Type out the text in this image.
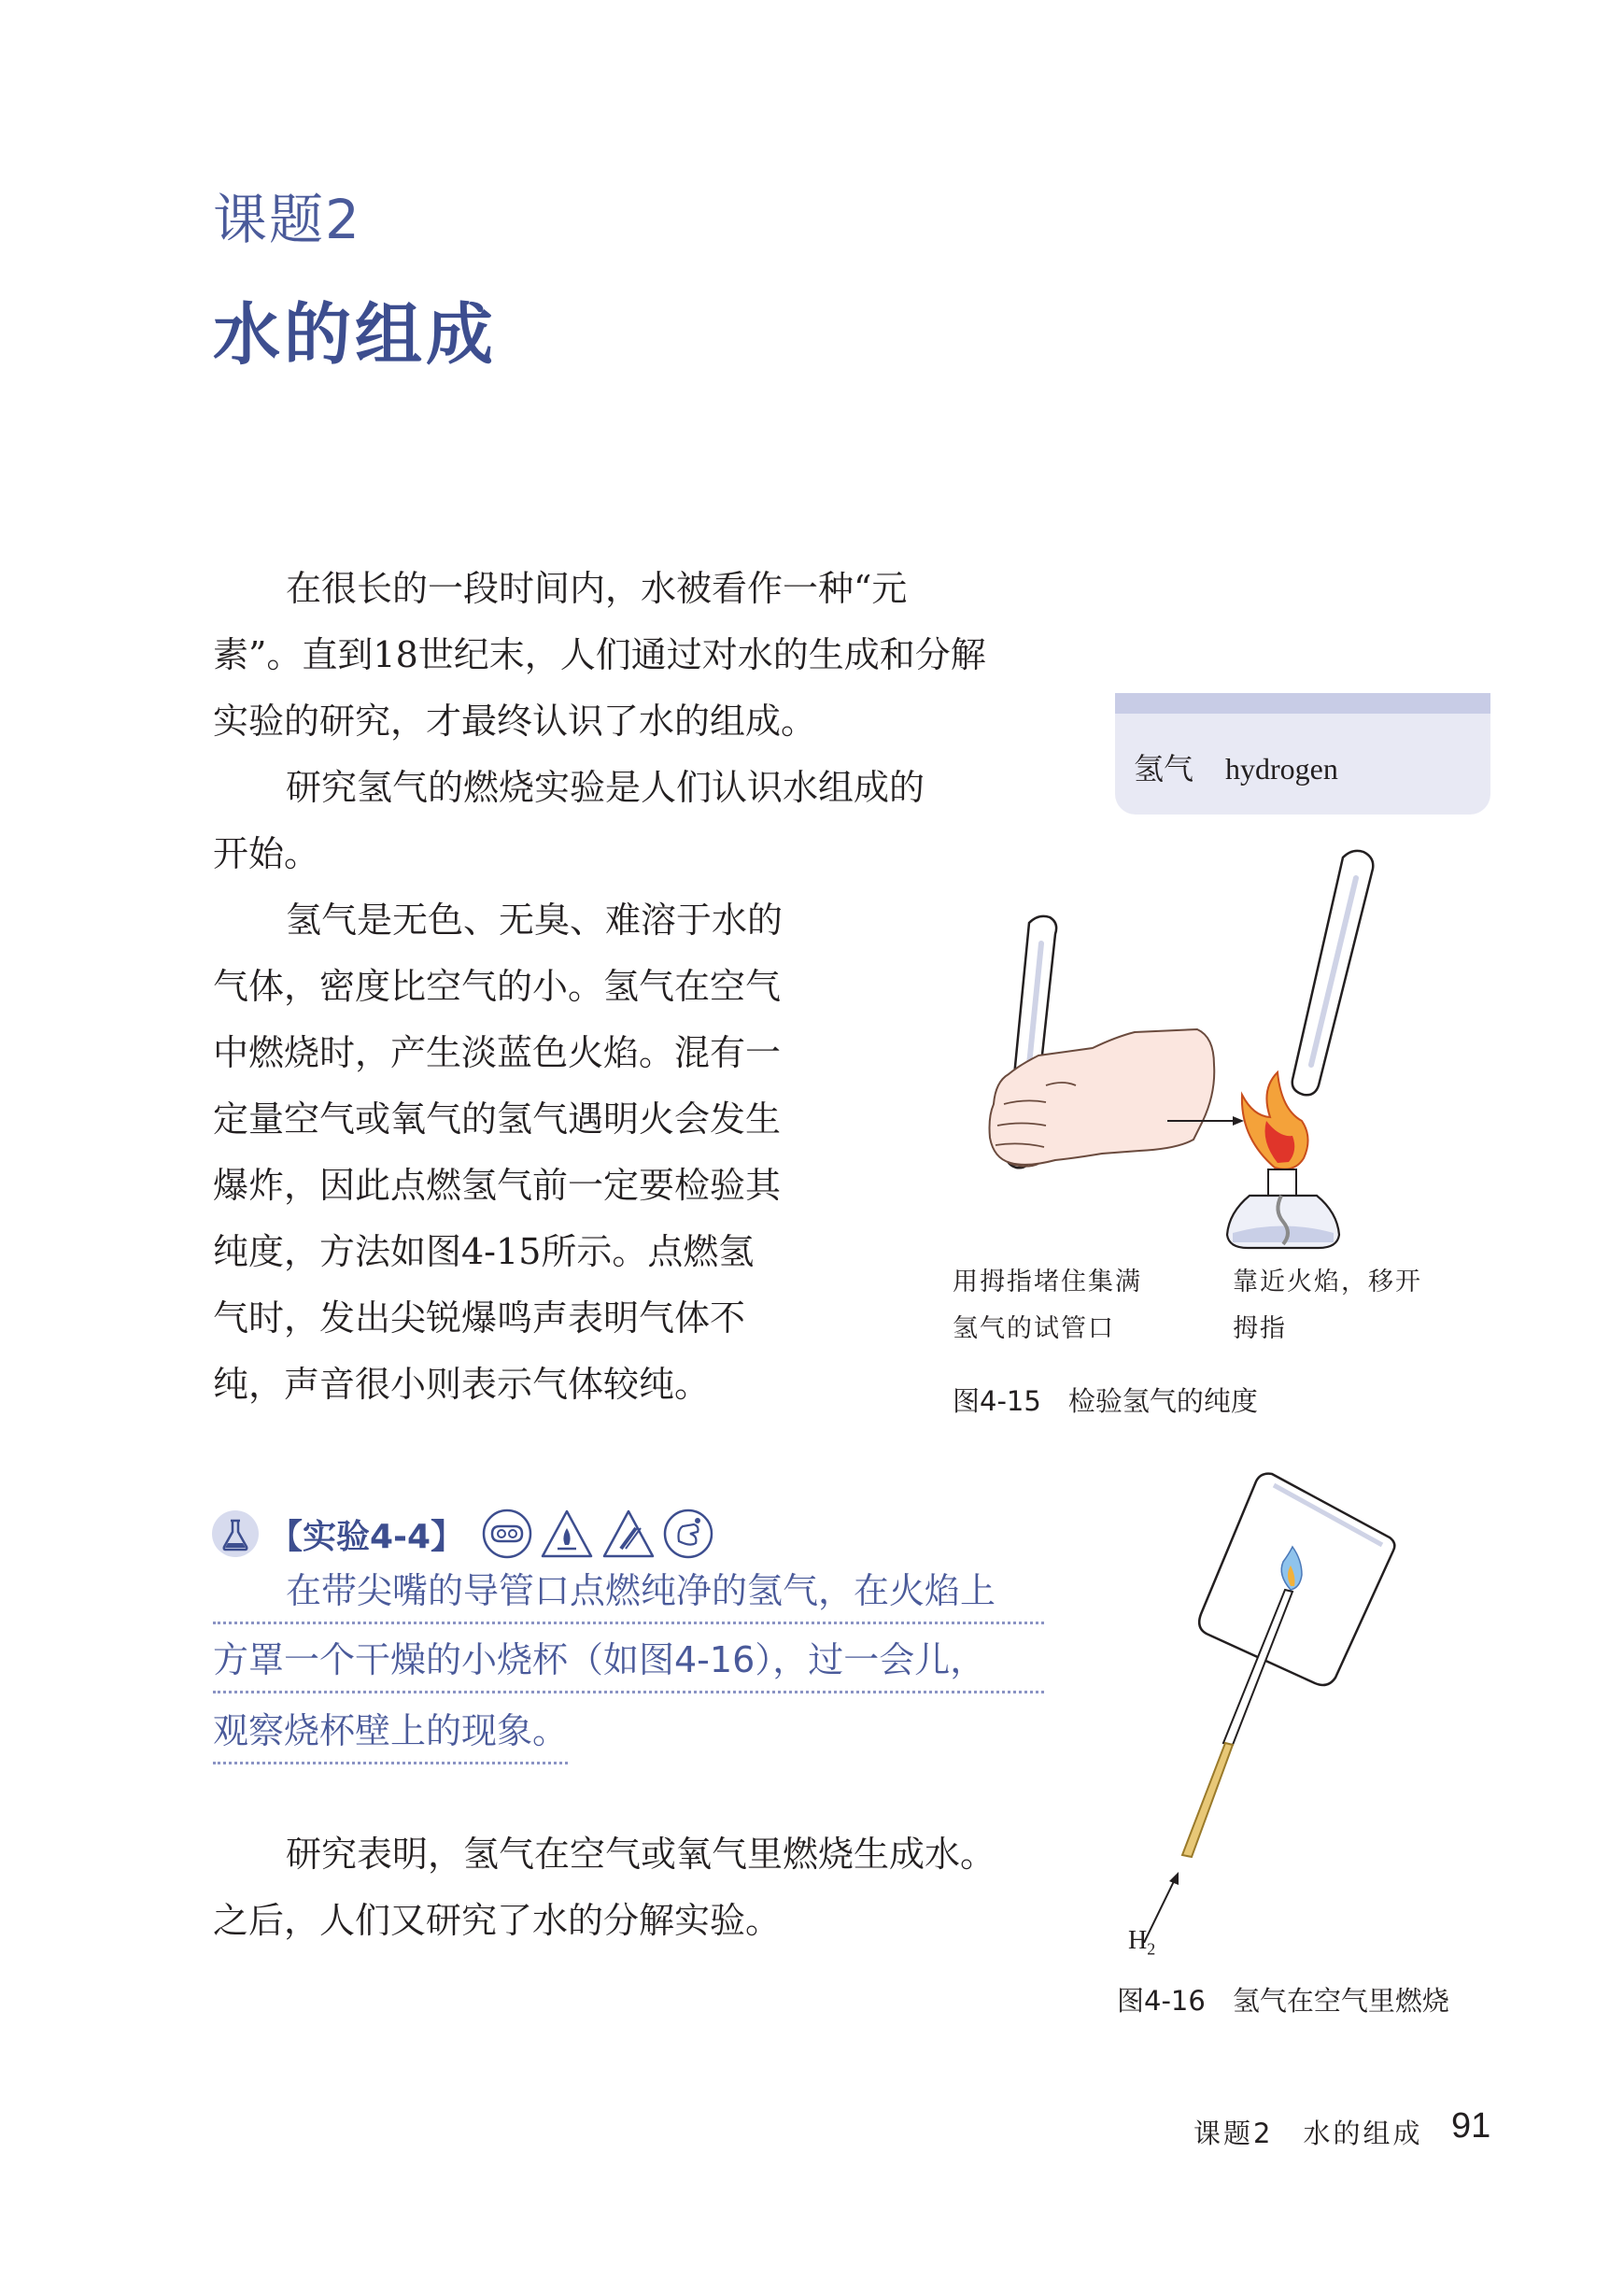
课题2
水的组成
在很长的一段时间内，水被看作一种“元
素”。直到18世纪末，人们通过对水的生成和分解
实验的研究，才最终认识了水的组成。
研究氢气的燃烧实验是人们认识水组成的
开始。
氢气是无色、无臭、难溶于水的
气体，密度比空气的小。氢气在空气
中燃烧时，产生淡蓝色火焰。混有一
定量空气或氧气的氢气遇明火会发生
爆炸，因此点燃氢气前一定要检验其
纯度，方法如图4-15所示。点燃氢
气时，发出尖锐爆鸣声表明气体不
纯，声音很小则表示气体较纯。
氢气 hydrogen
用拇指堵住集满
氢气的试管口
靠近火焰，移开
拇指
图4-15　检验氢气的纯度
【实验4-4】
在带尖嘴的导管口点燃纯净的氢气，在火焰上
方罩一个干燥的小烧杯（如图4-16），过一会儿，
观察烧杯壁上的现象。
$H_2$
图4-16　氢气在空气里燃烧
研究表明，氢气在空气或氧气里燃烧生成水。
之后，人们又研究了水的分解实验。
课题2　水的组成 91
